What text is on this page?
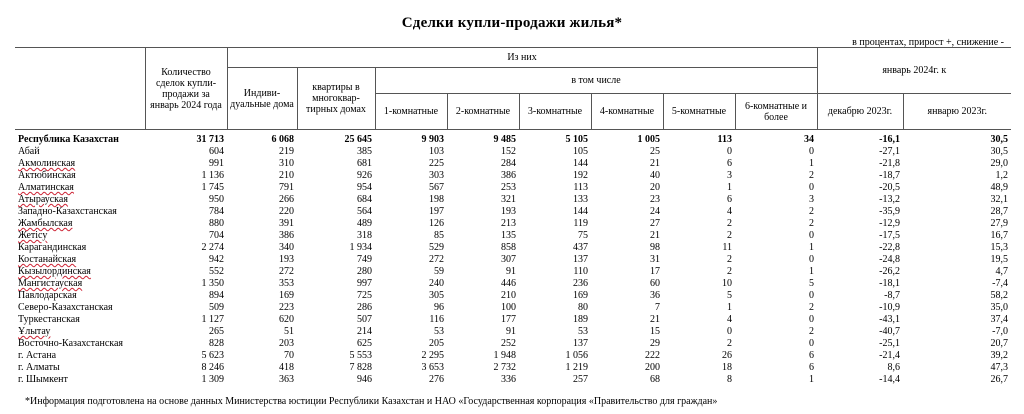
Сделки купли-продажи жилья*
в процентах, прирост +, снижение -
	Количество сделок купли-продажи за январь 2024 года	Из них								январь 2024г. к	
		Индиви-дуальные дома	квартиры в многоквар-тирных домах	в том числе							
				1-комнатные	2-комнатные	3-комнатные	4-комнатные	5-комнатные	6-комнатные и более	декабрю 2023г.	январю 2023г.
Республика Казахстан	31 713	6 068	25 645	9 903	9 485	5 105	1 005	113	34	-16,1	30,5
Абай	604	219	385	103	152	105	25	0	0	-27,1	30,5
Акмолинская	991	310	681	225	284	144	21	6	1	-21,8	29,0
Актюбинская	1 136	210	926	303	386	192	40	3	2	-18,7	1,2
Алматинская	1 745	791	954	567	253	113	20	1	0	-20,5	48,9
Атырауская	950	266	684	198	321	133	23	6	3	-13,2	32,1
Западно-Казахстанская	784	220	564	197	193	144	24	4	2	-35,9	28,7
Жамбылская	880	391	489	126	213	119	27	2	2	-12,9	27,9
Жетісу	704	386	318	85	135	75	21	2	0	-17,5	16,7
Карагандинская	2 274	340	1 934	529	858	437	98	11	1	-22,8	15,3
Костанайская	942	193	749	272	307	137	31	2	0	-24,8	19,5
Кызылординская	552	272	280	59	91	110	17	2	1	-26,2	4,7
Мангистауская	1 350	353	997	240	446	236	60	10	5	-18,1	-7,4
Павлодарская	894	169	725	305	210	169	36	5	0	-8,7	58,2
Северо-Казахстанская	509	223	286	96	100	80	7	1	2	-10,9	35,0
Туркестанская	1 127	620	507	116	177	189	21	4	0	-43,1	37,4
Ұлытау	265	51	214	53	91	53	15	0	2	-40,7	-7,0
Восточно-Казахстанская	828	203	625	205	252	137	29	2	0	-25,1	20,7
г. Астана	5 623	70	5 553	2 295	1 948	1 056	222	26	6	-21,4	39,2
г. Алматы	8 246	418	7 828	3 653	2 732	1 219	200	18	6	8,6	47,3
г. Шымкент	1 309	363	946	276	336	257	68	8	1	-14,4	26,7
*Информация подготовлена на основе данных Министерства юстиции Республики Казахстан и НАО «Государственная корпорация «Правительство для граждан»
